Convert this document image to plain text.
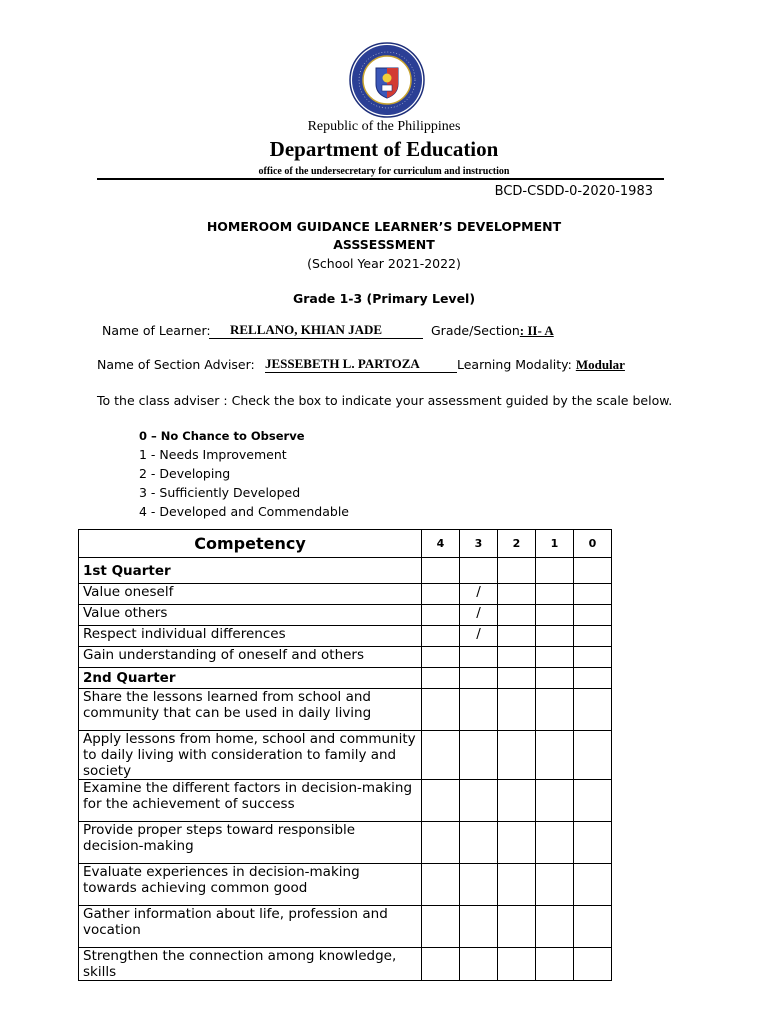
Republic of the Philippines
Department of Education
office of the undersecretary for curriculum and instruction
BCD-CSDD-0-2020-1983
HOMEROOM GUIDANCE LEARNER’S DEVELOPMENT
ASSSESSMENT
(School Year 2021-2022)
Grade 1-3 (Primary Level)
Name of Learner:	RELLANO, KHIAN JADE	Grade/Section: II- A
Name of Section Adviser: JESSEBETH L. PARTOZA	Learning Modality: Modular
To the class adviser : Check the box to indicate your assessment guided by the scale below.
0 – No Chance to Observe
1 - Needs Improvement
2 - Developing
3 - Sufficiently Developed
4 - Developed and Commendable
Competency	4	3	2	1	0
1st Quarter					
Value oneself		/			
Value others		/			
Respect individual differences		/			
Gain understanding of oneself and others					
2nd Quarter					
Share the lessons learned from school and community that can be used in daily living					
Apply lessons from home, school and community to daily living with consideration to family and society					
Examine the different factors in decision-making for the achievement of success					
Provide proper steps toward responsible decision-making					
Evaluate experiences in decision-making towards achieving common good					
Gather information about life, profession and vocation					
Strengthen the connection among knowledge, skills					
